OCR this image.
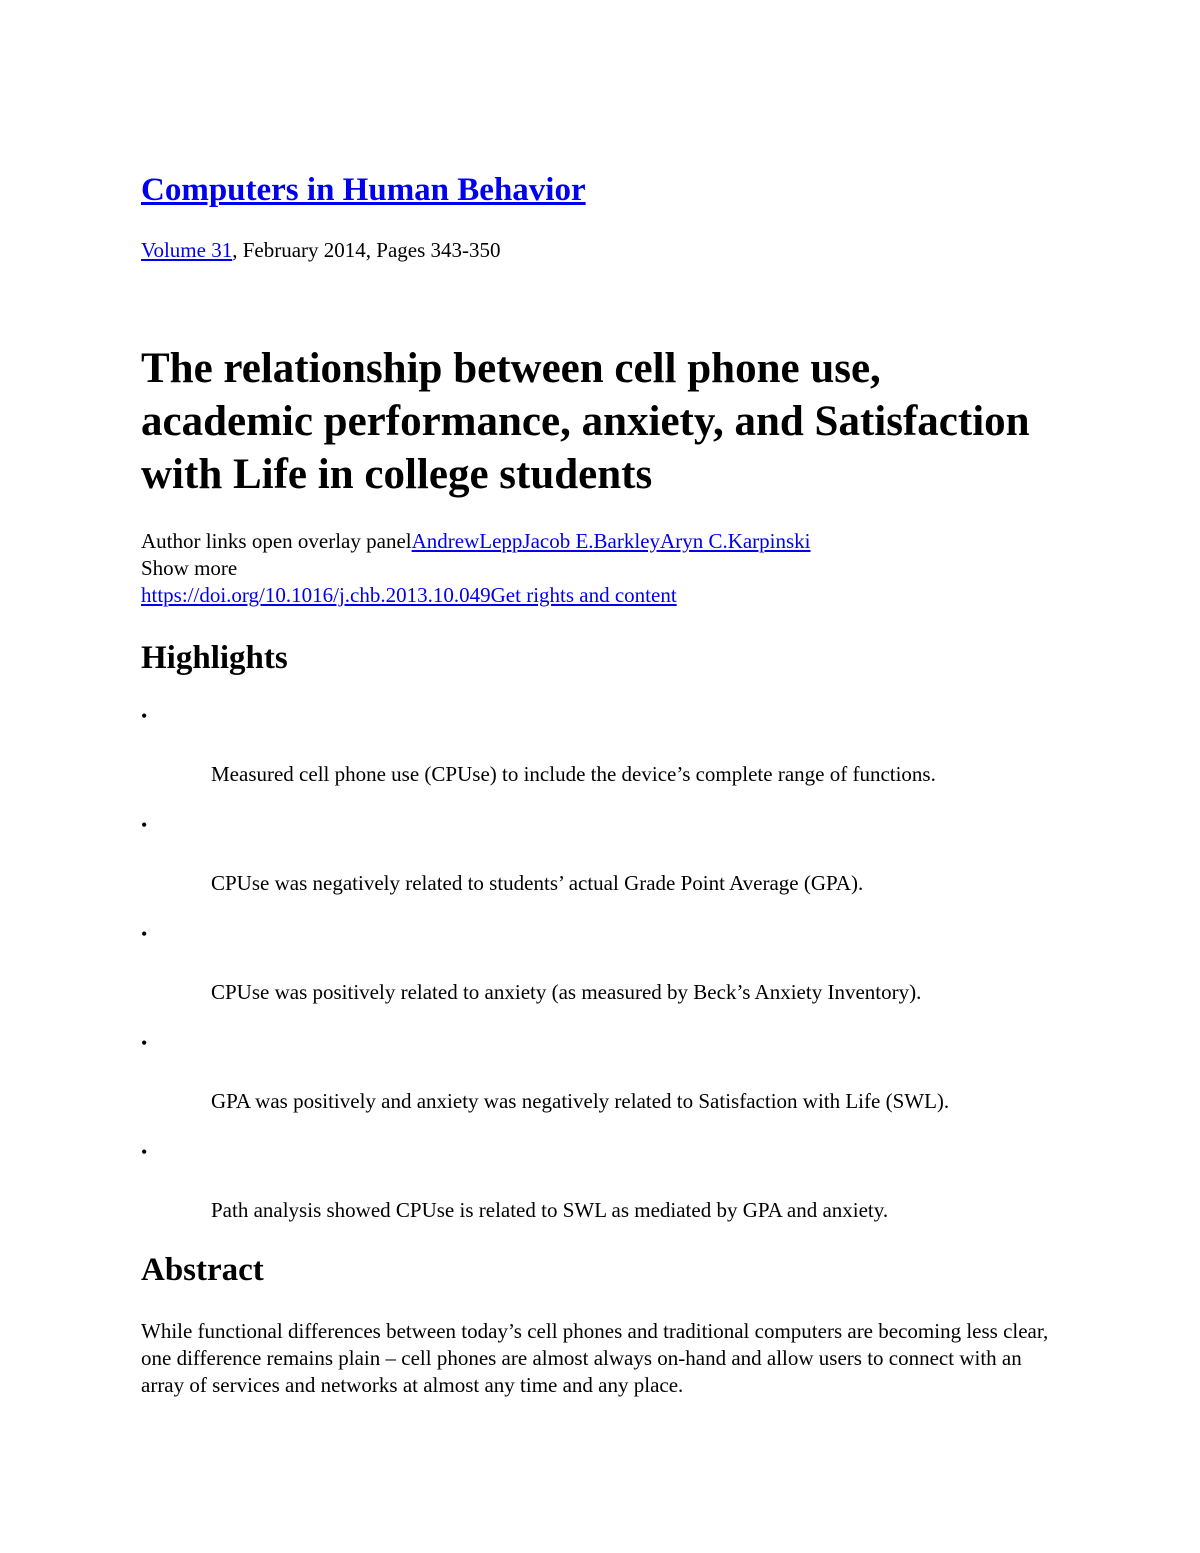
Computers in Human Behavior
Volume 31, February 2014, Pages 343-350
The relationship between cell phone use, academic performance, anxiety, and Satisfaction with Life in college students
Author links open overlay panelAndrewLeppJacob E.BarkleyAryn C.Karpinski
Show more
https://doi.org/10.1016/j.chb.2013.10.049Get rights and content
Highlights
•
Measured cell phone use (CPUse) to include the device’s complete range of functions.
•
CPUse was negatively related to students’ actual Grade Point Average (GPA).
•
CPUse was positively related to anxiety (as measured by Beck’s Anxiety Inventory).
•
GPA was positively and anxiety was negatively related to Satisfaction with Life (SWL).
•
Path analysis showed CPUse is related to SWL as mediated by GPA and anxiety.
Abstract

While functional differences between today’s cell phones and traditional computers are becoming less clear, one difference remains plain – cell phones are almost always on-hand and allow users to connect with an array of services and networks at almost any time and any place.
